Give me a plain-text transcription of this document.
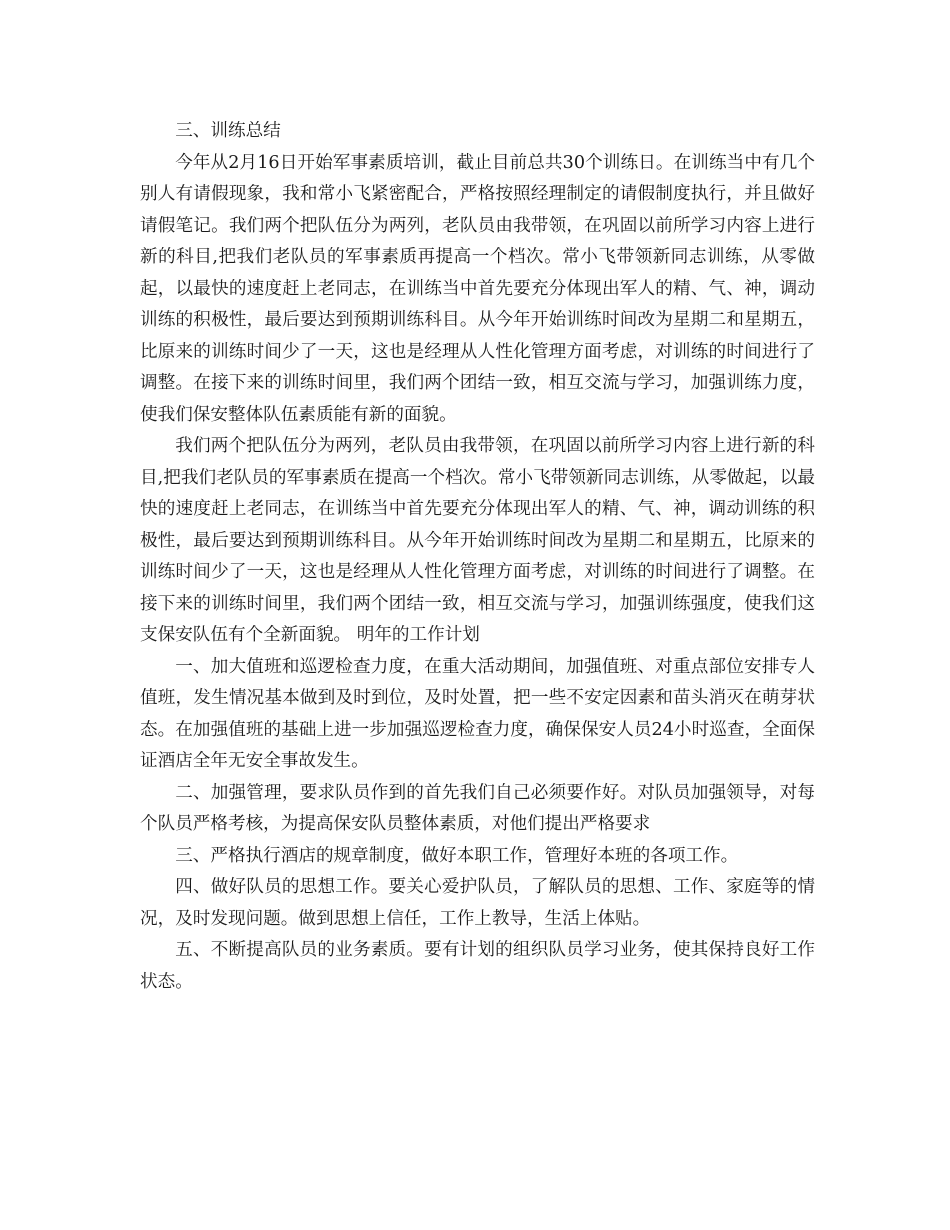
三、训练总结

今年从2月16日开始军事素质培训，截止目前总共30个训练日。在训练当中有几个别人有请假现象，我和常小飞紧密配合，严格按照经理制定的请假制度执行，并且做好请假笔记。我们两个把队伍分为两列，老队员由我带领，在巩固以前所学习内容上进行新的科目,把我们老队员的军事素质再提高一个档次。常小飞带领新同志训练，从零做起，以最快的速度赶上老同志，在训练当中首先要充分体现出军人的精、气、神，调动训练的积极性，最后要达到预期训练科目。从今年开始训练时间改为星期二和星期五，比原来的训练时间少了一天，这也是经理从人性化管理方面考虑，对训练的时间进行了调整。在接下来的训练时间里，我们两个团结一致，相互交流与学习，加强训练力度，使我们保安整体队伍素质能有新的面貌。

我们两个把队伍分为两列，老队员由我带领，在巩固以前所学习内容上进行新的科目,把我们老队员的军事素质在提高一个档次。常小飞带领新同志训练，从零做起，以最快的速度赶上老同志，在训练当中首先要充分体现出军人的精、气、神，调动训练的积极性，最后要达到预期训练科目。从今年开始训练时间改为星期二和星期五，比原来的训练时间少了一天，这也是经理从人性化管理方面考虑，对训练的时间进行了调整。在接下来的训练时间里，我们两个团结一致，相互交流与学习，加强训练强度，使我们这支保安队伍有个全新面貌。 明年的工作计划

一、加大值班和巡逻检查力度，在重大活动期间，加强值班、对重点部位安排专人值班，发生情况基本做到及时到位，及时处置，把一些不安定因素和苗头消灭在萌芽状态。在加强值班的基础上进一步加强巡逻检查力度，确保保安人员24小时巡查，全面保证酒店全年无安全事故发生。

二、加强管理，要求队员作到的首先我们自己必须要作好。对队员加强领导，对每个队员严格考核，为提高保安队员整体素质，对他们提出严格要求

三、严格执行酒店的规章制度，做好本职工作，管理好本班的各项工作。

四、做好队员的思想工作。要关心爱护队员，了解队员的思想、工作、家庭等的情况，及时发现问题。做到思想上信任，工作上教导，生活上体贴。

五、不断提高队员的业务素质。要有计划的组织队员学习业务，使其保持良好工作状态。
